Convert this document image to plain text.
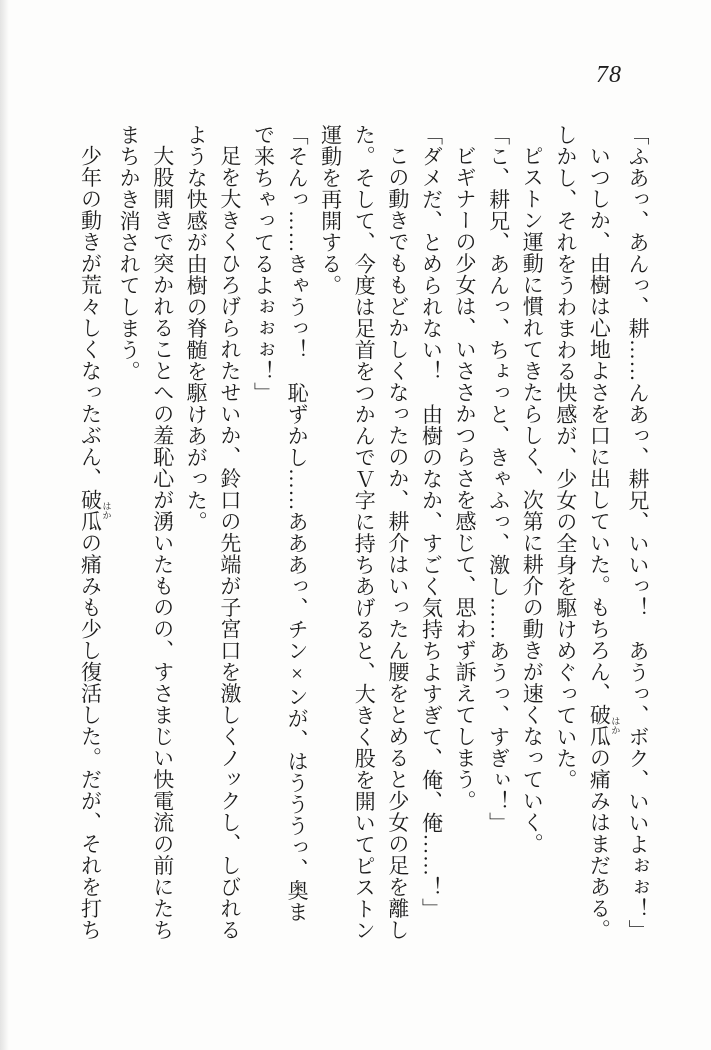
78

「ふあっ、あんっ、耕……んあっ、耕兄、いいっ！　あうっ、ボク、いいよぉぉ！」

いつしか、由樹は心地よさを口に出していた。もちろん、破瓜 はかの痛みはまだある。しかし、それをうわまわる快感が、少女の全身を駆けめぐっていた。

ピストン運動に慣れてきたらしく、次第に耕介の動きが速くなっていく。

「こ、耕兄、あんっ、ちょっと、きゃふっ、激し……あうっ、すぎぃ！」

ビギナーの少女は、いささかつらさを感じて、思わず訴えてしまう。

「ダメだ、とめられない！　由樹のなか、すごく気持ちよすぎて、俺、俺……！」

この動きでももどかしくなったのか、耕介はいったん腰をとめると少女の足を離した。そして、今度は足首をつかんでＶ字に持ちあげると、大きく股を開いてピストン運動を再開する。

「そんっ……きゃうっ！　恥ずかし……あああっ、チン×ンが、はうううっ、奥まで来ちゃってるよぉぉぉ！」

足を大きくひろげられたせいか、鈴口の先端が子宮口を激しくノックし、しびれるような快感が由樹の脊髄を駆けあがった。

大股開きで突かれることへの羞恥心が湧いたものの、すさまじい快電流の前にたちまちかき消されてしまう。

少年の動きが荒々しくなったぶん、破瓜 はかの痛みも少し復活した。だが、それを打ち
